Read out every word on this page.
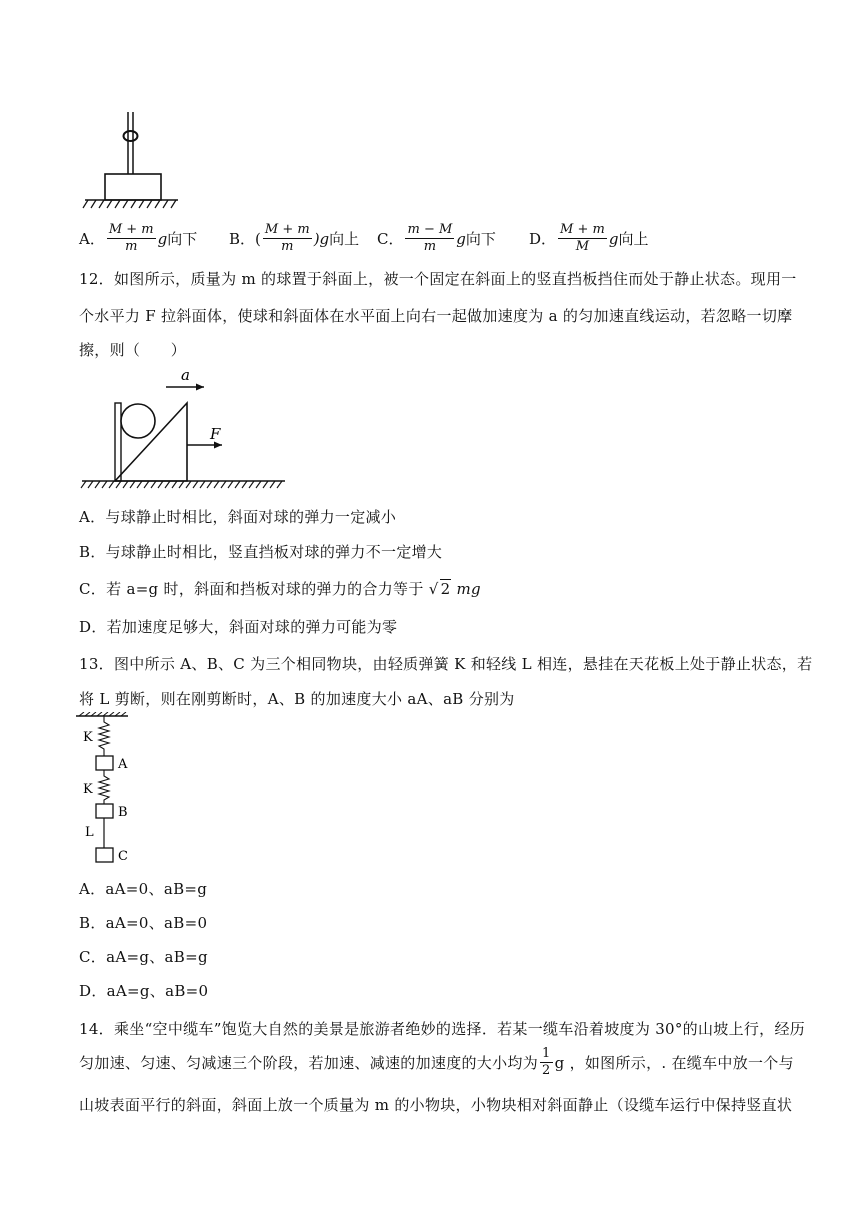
A． $\frac{M + m}{m}$ g 向下 B． ( $\frac{M + m}{m} )g$ 向上 C． $\frac{m - M}{m}$ g 向下 D． $\frac{M + m}{M}$ g 向上
12．如图所示，质量为 m 的球置于斜面上，被一个固定在斜面上的竖直挡板挡住而处于静止状态。现用一
个水平力 F 拉斜面体，使球和斜面体在水平面上向右一起做加速度为 a 的匀加速直线运动，若忽略一切摩
擦，则（　　）
a
F
A．与球静止时相比，斜面对球的弹力一定减小
B．与球静止时相比，竖直挡板对球的弹力不一定增大
C．若 a=g 时，斜面和挡板对球的弹力的合力等于 √ 2 mg
D．若加速度足够大，斜面对球的弹力可能为零
13．图中所示 A、B、C 为三个相同物块，由轻质弹簧 K 和轻线 L 相连，悬挂在天花板上处于静止状态，若
将 L 剪断，则在刚剪断时，A、B 的加速度大小 aA、aB 分别为
K
A
K
B
L
C
A．aA=0、aB=g
B．aA=0、aB=0
C．aA=g、aB=g
D．aA=g、aB=0
14．乘坐“空中缆车”饱览大自然的美景是旅游者绝妙的选择．若某一缆车沿着坡度为 30°的山坡上行，经历
匀加速、匀速、匀减速三个阶段，若加速、减速的加速度的大小均为 $\frac{1}{2}$ g ，如图所示，. 在缆车中放一个与
山坡表面平行的斜面，斜面上放一个质量为 m 的小物块，小物块相对斜面静止（设缆车运行中保持竖直状
